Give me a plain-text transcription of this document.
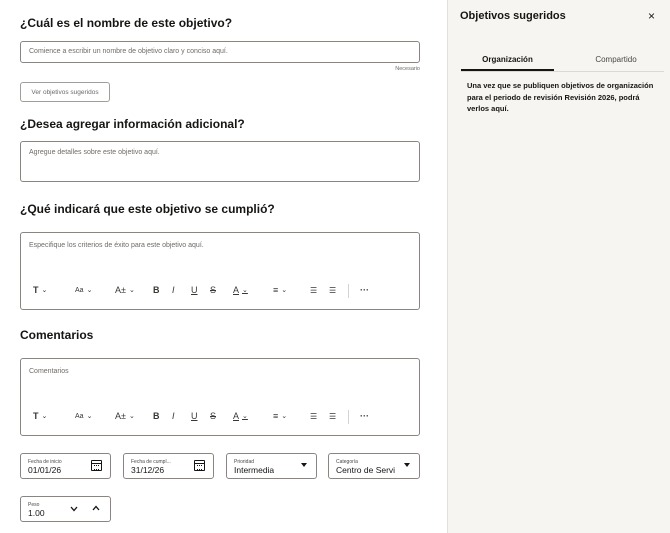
¿Cuál es el nombre de este objetivo?
Comience a escribir un nombre de objetivo claro y conciso aquí.
Necesario
Ver objetivos sugeridos
¿Desea agregar información adicional?
Agregue detalles sobre este objetivo aquí.
¿Qué indicará que este objetivo se cumplió?
Especifique los criterios de éxito para este objetivo aquí.
T ⌄	Aa ⌄	A± ⌄ B I U S A ⌄	≡ ⌄	☰ ☰	···
Comentarios
Comentarios
T ⌄	Aa ⌄	A± ⌄ B I U S A ⌄	≡ ⌄	☰ ☰	···
Fecha de inicio
01/01/26
Fecha de cumpl...
31/12/26
Prioridad
Intermedia
Categoría
Centro de Servi
Peso
1.00
Objetivos sugeridos	×
Organización	Compartido
Una vez que se publiquen objetivos de organización para el periodo de revisión Revisión 2026, podrá verlos aquí.
